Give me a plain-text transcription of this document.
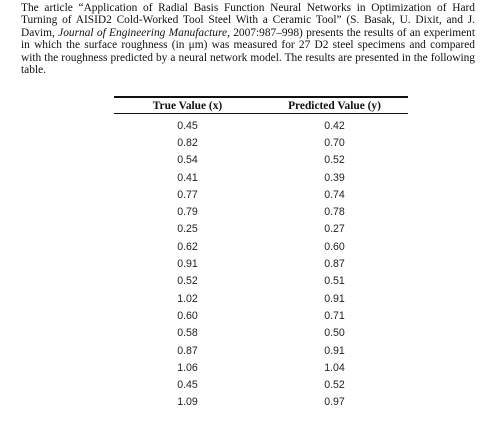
The article “Application of Radial Basis Function Neural Networks in Optimization of Hard Turning of AISID2 Cold-Worked Tool Steel With a Ceramic Tool” (S. Basak, U. Dixit, and J. Davim, Journal of Engineering Manufacture, 2007:987–998) presents the results of an experiment in which the surface roughness (in μm) was measured for 27 D2 steel specimens and compared with the roughness predicted by a neural network model. The results are presented in the following table.

True Value (x)	Predicted Value (y)
0.45	0.42
0.82	0.70
0.54	0.52
0.41	0.39
0.77	0.74
0.79	0.78
0.25	0.27
0.62	0.60
0.91	0.87
0.52	0.51
1.02	0.91
0.60	0.71
0.58	0.50
0.87	0.91
1.06	1.04
0.45	0.52
1.09	0.97
